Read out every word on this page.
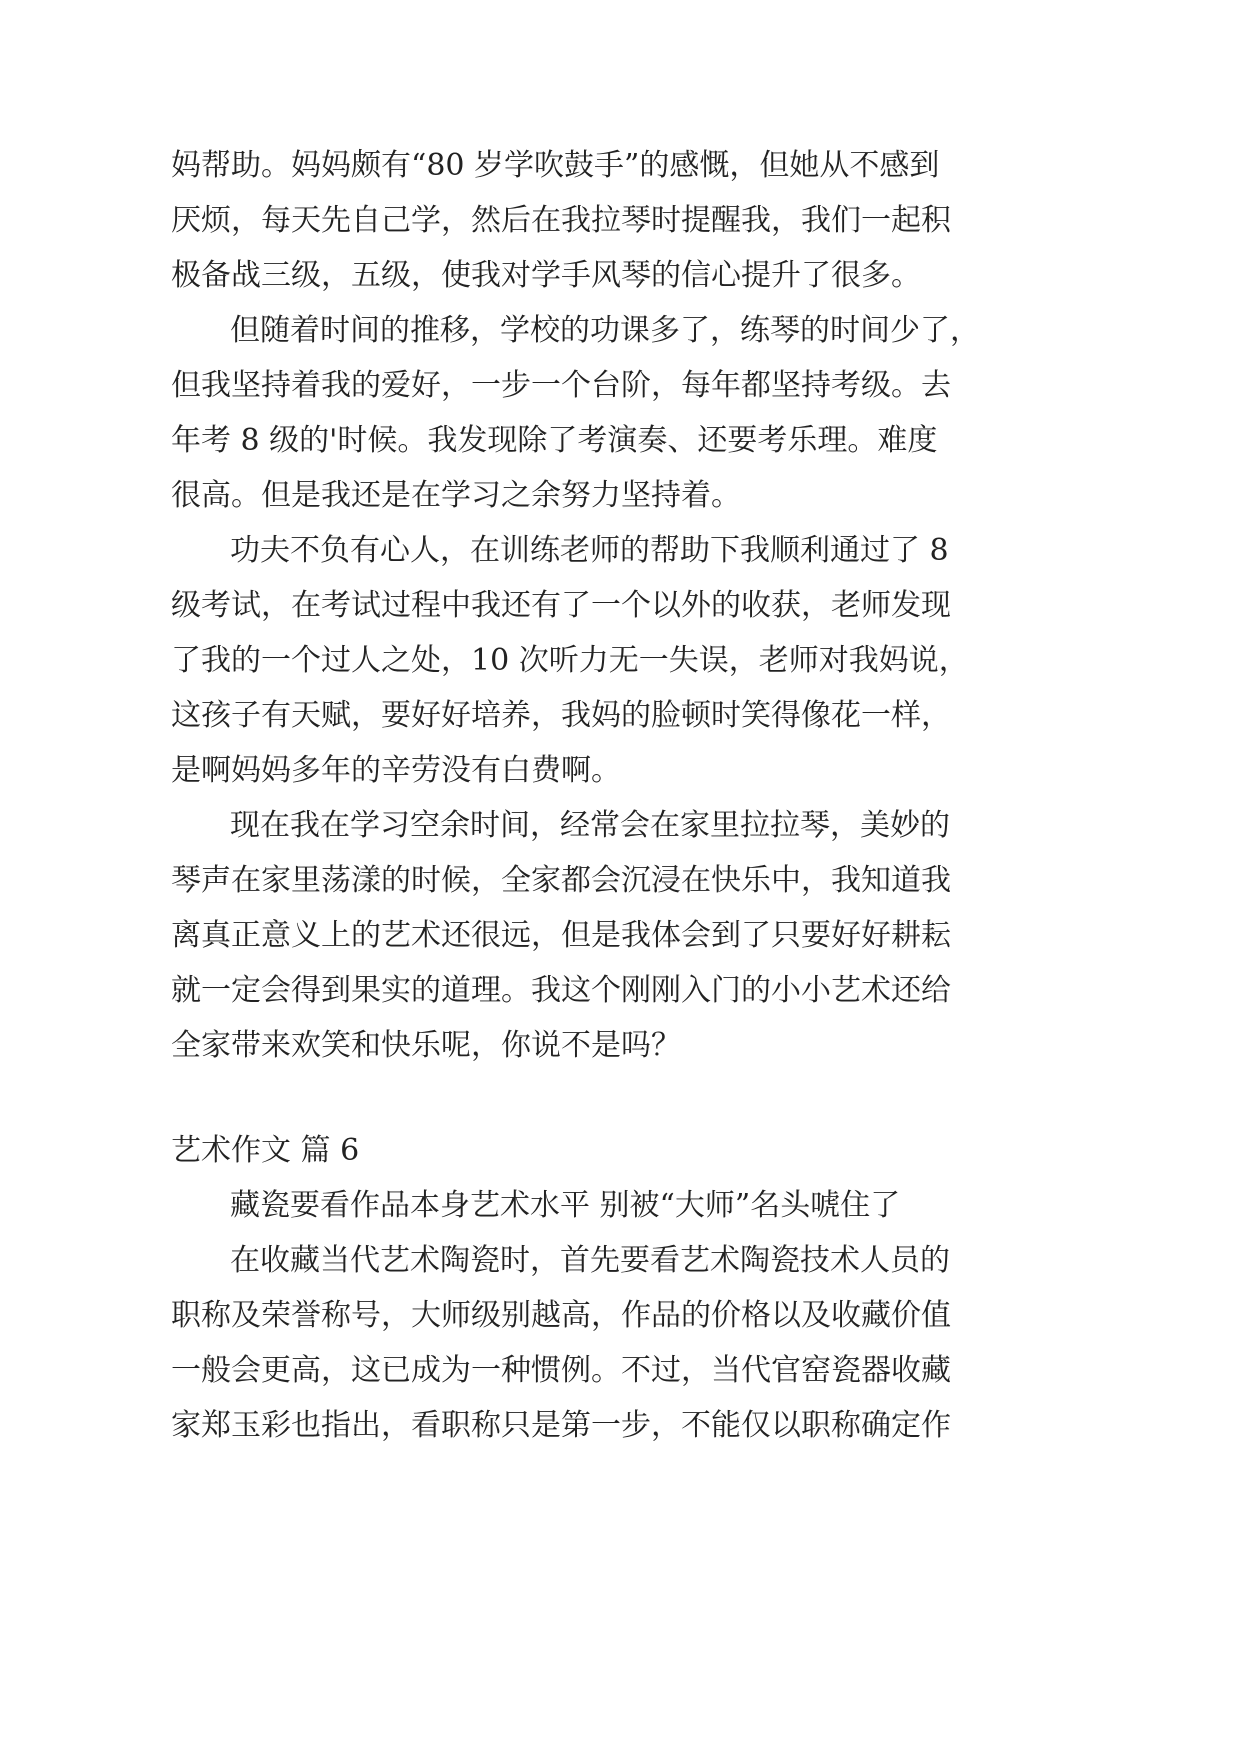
妈帮助。妈妈颇有“80 岁学吹鼓手”的感慨，但她从不感到
厌烦，每天先自己学，然后在我拉琴时提醒我，我们一起积
极备战三级，五级，使我对学手风琴的信心提升了很多。
但随着时间的推移，学校的功课多了，练琴的时间少了，
但我坚持着我的爱好，一步一个台阶，每年都坚持考级。去
年考 8 级的'时候。我发现除了考演奏、还要考乐理。难度
很高。但是我还是在学习之余努力坚持着。
功夫不负有心人，在训练老师的帮助下我顺利通过了 8
级考试，在考试过程中我还有了一个以外的收获，老师发现
了我的一个过人之处，10 次听力无一失误，老师对我妈说，
这孩子有天赋，要好好培养，我妈的脸顿时笑得像花一样，
是啊妈妈多年的辛劳没有白费啊。
现在我在学习空余时间，经常会在家里拉拉琴，美妙的
琴声在家里荡漾的时候，全家都会沉浸在快乐中，我知道我
离真正意义上的艺术还很远，但是我体会到了只要好好耕耘
就一定会得到果实的道理。我这个刚刚入门的小小艺术还给
全家带来欢笑和快乐呢，你说不是吗？
艺术作文 篇 6
藏瓷要看作品本身艺术水平 别被“大师”名头唬住了
在收藏当代艺术陶瓷时，首先要看艺术陶瓷技术人员的
职称及荣誉称号，大师级别越高，作品的价格以及收藏价值
一般会更高，这已成为一种惯例。不过，当代官窑瓷器收藏
家郑玉彩也指出，看职称只是第一步，不能仅以职称确定作
